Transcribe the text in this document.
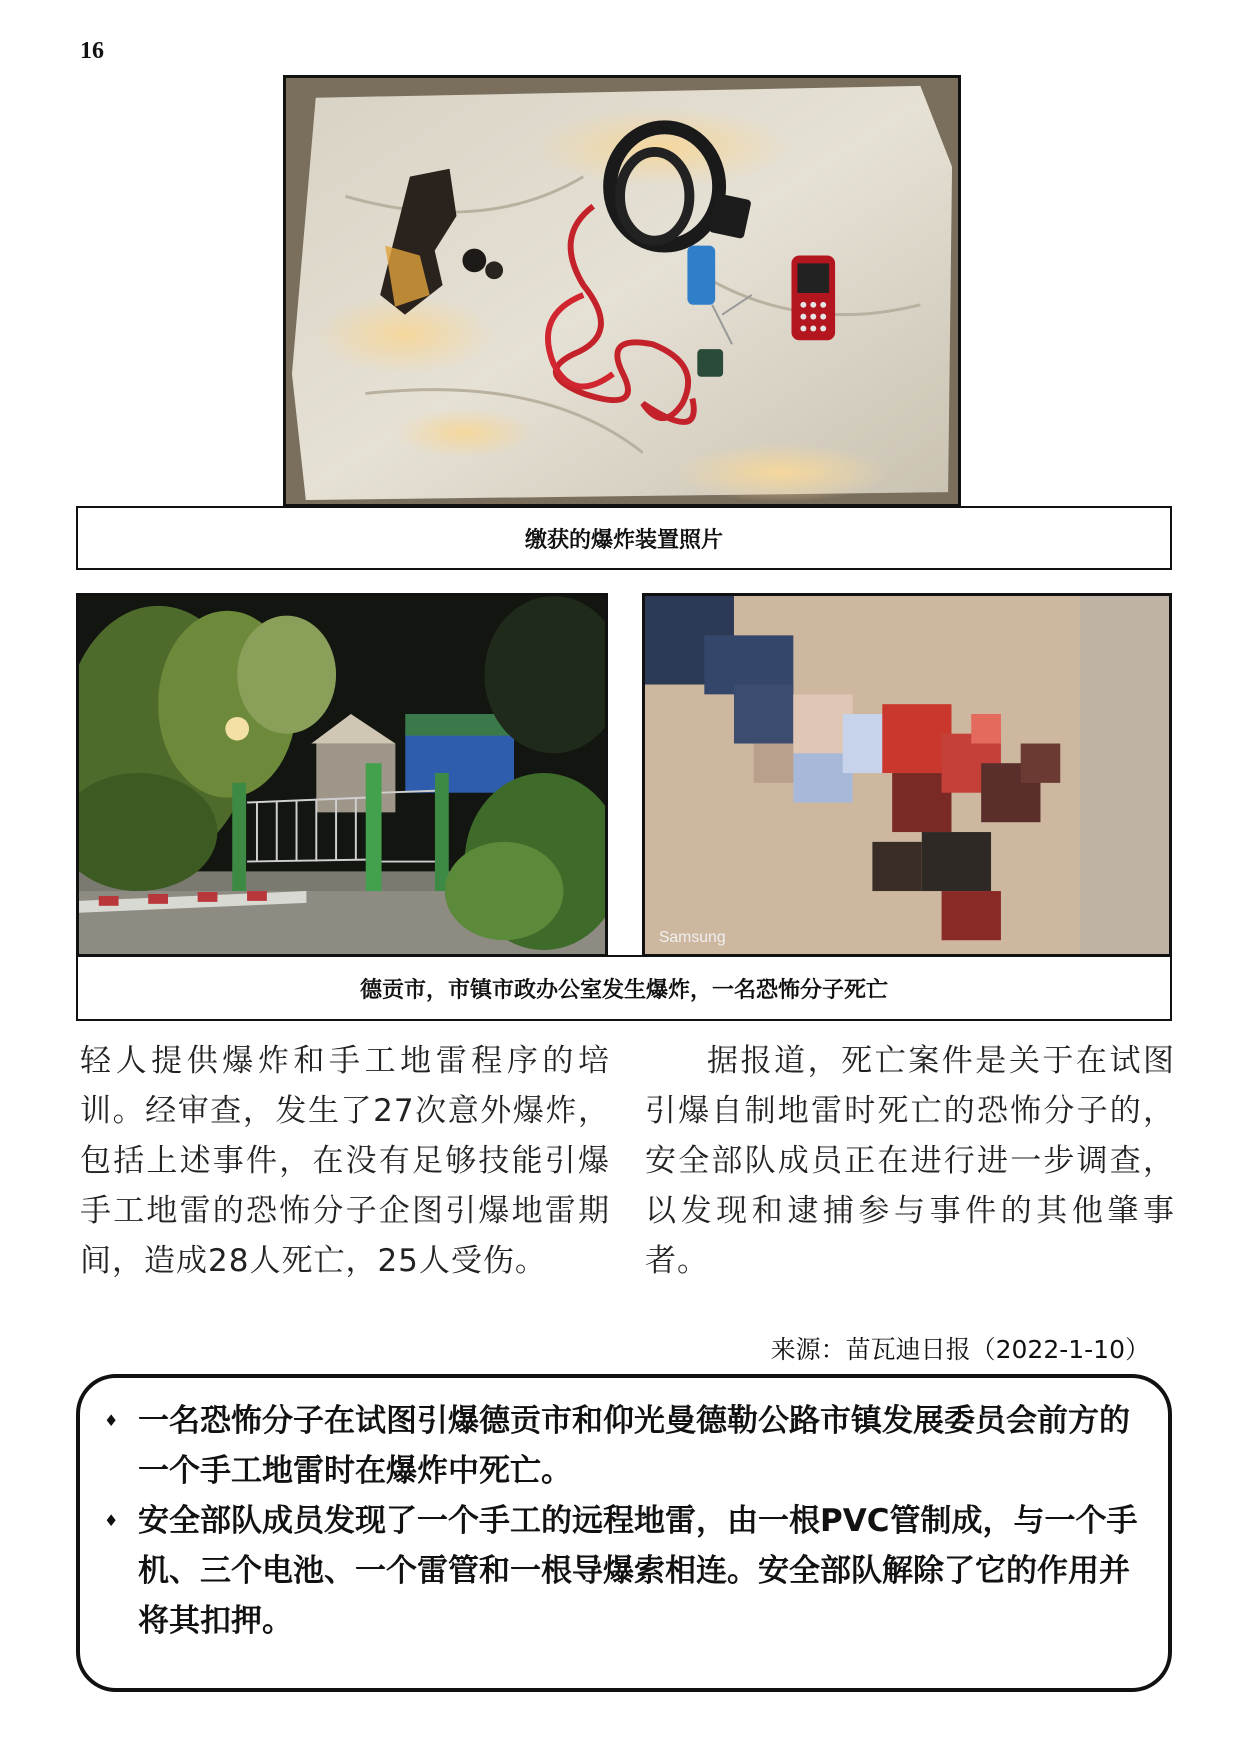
16
缴获的爆炸装置照片
Samsung
德贡市，市镇市政办公室发生爆炸，一名恐怖分子死亡
轻人提供爆炸和手工地雷程序的培训。经审查，发生了27次意外爆炸，包括上述事件，在没有足够技能引爆手工地雷的恐怖分子企图引爆地雷期间，造成28人死亡，25人受伤。
据报道，死亡案件是关于在试图引爆自制地雷时死亡的恐怖分子的，安全部队成员正在进行进一步调查，以发现和逮捕参与事件的其他肇事者。
来源：苗瓦迪日报（2022-1-10）
♦ 一名恐怖分子在试图引爆德贡市和仰光曼德勒公路市镇发展委员会前方的一个手工地雷时在爆炸中死亡。
♦ 安全部队成员发现了一个手工的远程地雷，由一根PVC管制成，与一个手机、三个电池、一个雷管和一根导爆索相连。安全部队解除了它的作用并将其扣押。
